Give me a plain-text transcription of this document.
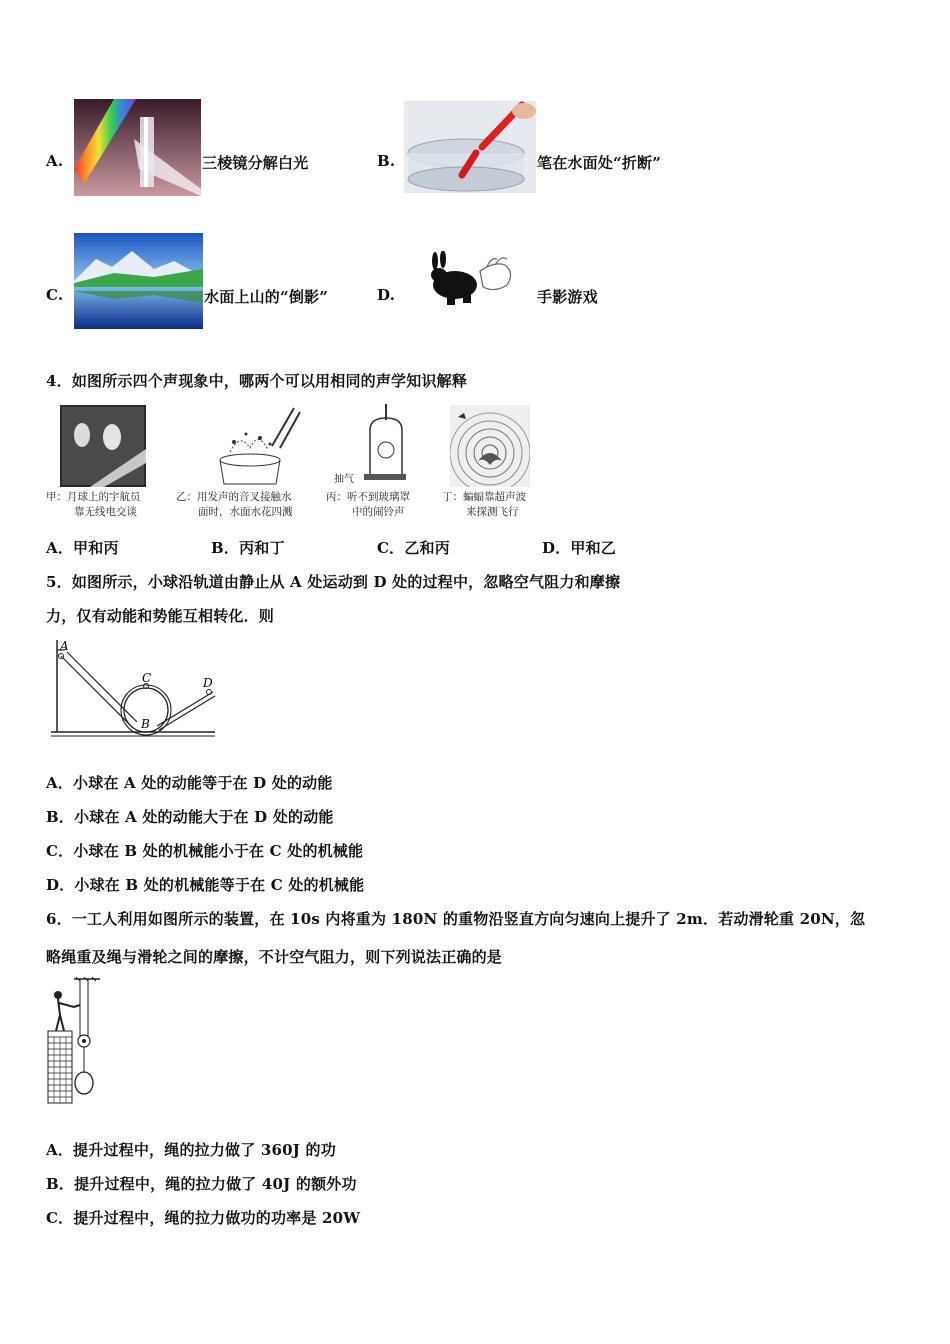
A.	三棱镜分解白光	B.	笔在水面处“折断”
C.	水面上山的“倒影”	D.	手影游戏
4．如图所示四个声现象中，哪两个可以用相同的声学知识解释
抽气
甲：月球上的宇航员
靠无线电交谈
乙：用发声的音叉接触水
面时，水面水花四溅
丙：听不到玻璃罩
中的闹铃声
丁：蝙蝠靠超声波
来探测飞行
A．甲和丙	B．丙和丁	C．乙和丙	D．甲和乙
5．如图所示，小球沿轨道由静止从 A 处运动到 D 处的过程中，忽略空气阻力和摩擦
力，仅有动能和势能互相转化．则
A
C
B
D
A．小球在 A 处的动能等于在 D 处的动能
B．小球在 A 处的动能大于在 D 处的动能
C．小球在 B 处的机械能小于在 C 处的机械能
D．小球在 B 处的机械能等于在 C 处的机械能
6．一工人利用如图所示的装置，在 10s 内将重为 180N 的重物沿竖直方向匀速向上提升了 2m．若动滑轮重 20N，忽
略绳重及绳与滑轮之间的摩擦，不计空气阻力，则下列说法正确的是
A．提升过程中，绳的拉力做了 360J 的功
B．提升过程中，绳的拉力做了 40J 的额外功
C．提升过程中，绳的拉力做功的功率是 20W
